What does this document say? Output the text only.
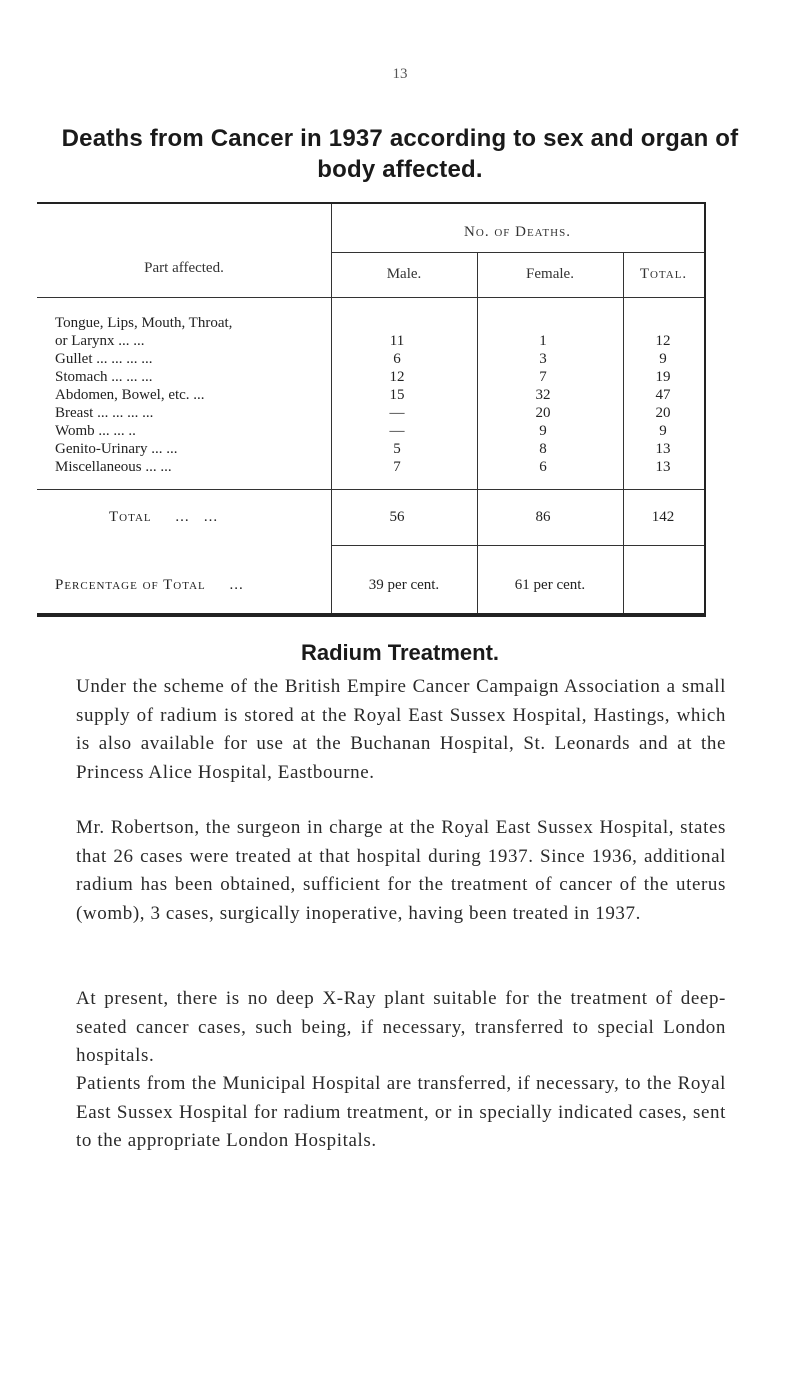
13
Deaths from Cancer in 1937 according to sex and organ of body affected.
Part affected.
No. of Deaths.
Male.	Female.	Total.
Tongue, Lips, Mouth, Throat,
or Larynx ... ...	11	1	12
Gullet ... ... ... ...	6	3	9
Stomach ... ... ...	12	7	19
Abdomen, Bowel, etc. ...	15	32	47
Breast ... ... ... ...	—	20	20
Womb ... ... ..	—	9	9
Genito-Urinary ... ...	5	8	13
Miscellaneous ... ...	7	6	13
Total     ...   ...	56	86	142
Percentage of Total     ...	39 per cent.	61 per cent.
Radium Treatment.

Under the scheme of the British Empire Cancer Campaign Association a small supply of radium is stored at the Royal East Sussex Hospital, Hastings, which is also available for use at the Buchanan Hospital, St. Leonards and at the Princess Alice Hospital, Eastbourne.

Mr. Robertson, the surgeon in charge at the Royal East Sussex Hospital, states that 26 cases were treated at that hospital during 1937. Since 1936, additional radium has been obtained, sufficient for the treatment of cancer of the uterus (womb), 3 cases, surgically inoperative, having been treated in 1937.

At present, there is no deep X-Ray plant suitable for the treatment of deep-seated cancer cases, such being, if necessary, transferred to special London hospitals.

Patients from the Municipal Hospital are transferred, if necessary, to the Royal East Sussex Hospital for radium treatment, or in specially indicated cases, sent to the appropriate London Hospitals.
